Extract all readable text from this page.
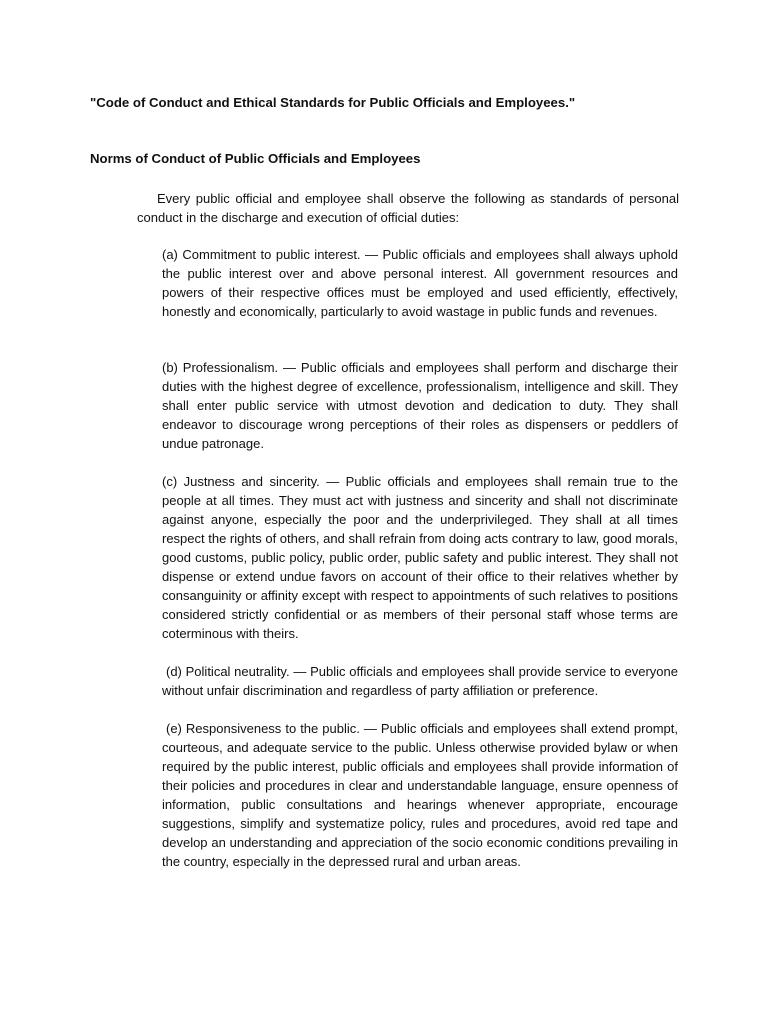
"Code of Conduct and Ethical Standards for Public Officials and Employees."
Norms of Conduct of Public Officials and Employees

Every public official and employee shall observe the following as standards of personal conduct in the discharge and execution of official duties:

(a) Commitment to public interest. — Public officials and employees shall always uphold the public interest over and above personal interest. All government resources and powers of their respective offices must be employed and used efficiently, effectively, honestly and economically, particularly to avoid wastage in public funds and revenues.

(b) Professionalism. — Public officials and employees shall perform and discharge their duties with the highest degree of excellence, professionalism, intelligence and skill. They shall enter public service with utmost devotion and dedication to duty. They shall endeavor to discourage wrong perceptions of their roles as dispensers or peddlers of undue patronage.

(c) Justness and sincerity. — Public officials and employees shall remain true to the people at all times. They must act with justness and sincerity and shall not discriminate against anyone, especially the poor and the underprivileged. They shall at all times respect the rights of others, and shall refrain from doing acts contrary to law, good morals, good customs, public policy, public order, public safety and public interest. They shall not dispense or extend undue favors on account of their office to their relatives whether by consanguinity or affinity except with respect to appointments of such relatives to positions considered strictly confidential or as members of their personal staff whose terms are coterminous with theirs.

(d) Political neutrality. — Public officials and employees shall provide service to everyone without unfair discrimination and regardless of party affiliation or preference.

(e) Responsiveness to the public. — Public officials and employees shall extend prompt, courteous, and adequate service to the public. Unless otherwise provided bylaw or when required by the public interest, public officials and employees shall provide information of their policies and procedures in clear and understandable language, ensure openness of information, public consultations and hearings whenever appropriate, encourage suggestions, simplify and systematize policy, rules and procedures, avoid red tape and develop an understanding and appreciation of the socio economic conditions prevailing in the country, especially in the depressed rural and urban areas.
